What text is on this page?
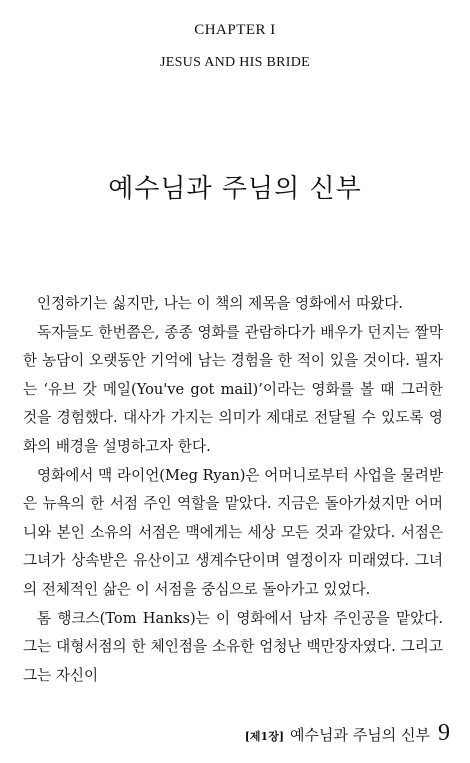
CHAPTER I
JESUS AND HIS BRIDE
예수님과 주님의 신부

인정하기는 싫지만, 나는 이 책의 제목을 영화에서 따왔다.

독자들도 한번쯤은, 종종 영화를 관람하다가 배우가 던지는 짤막한 농담이 오랫동안 기억에 남는 경험을 한 적이 있을 것이다. 필자는 ‘유브 갓 메일(You've got mail)’이라는 영화를 볼 때 그러한 것을 경험했다. 대사가 가지는 의미가 제대로 전달될 수 있도록 영화의 배경을 설명하고자 한다.

영화에서 맥 라이언(Meg Ryan)은 어머니로부터 사업을 물려받은 뉴욕의 한 서점 주인 역할을 맡았다. 지금은 돌아가셨지만 어머니와 본인 소유의 서점은 맥에게는 세상 모든 것과 같았다. 서점은 그녀가 상속받은 유산이고 생계수단이며 열정이자 미래였다. 그녀의 전체적인 삶은 이 서점을 중심으로 돌아가고 있었다.

톰 행크스(Tom Hanks)는 이 영화에서 남자 주인공을 맡았다. 그는 대형서점의 한 체인점을 소유한 엄청난 백만장자였다. 그리고 그는 자신이

[제1장] 예수님과 주님의 신부 9
